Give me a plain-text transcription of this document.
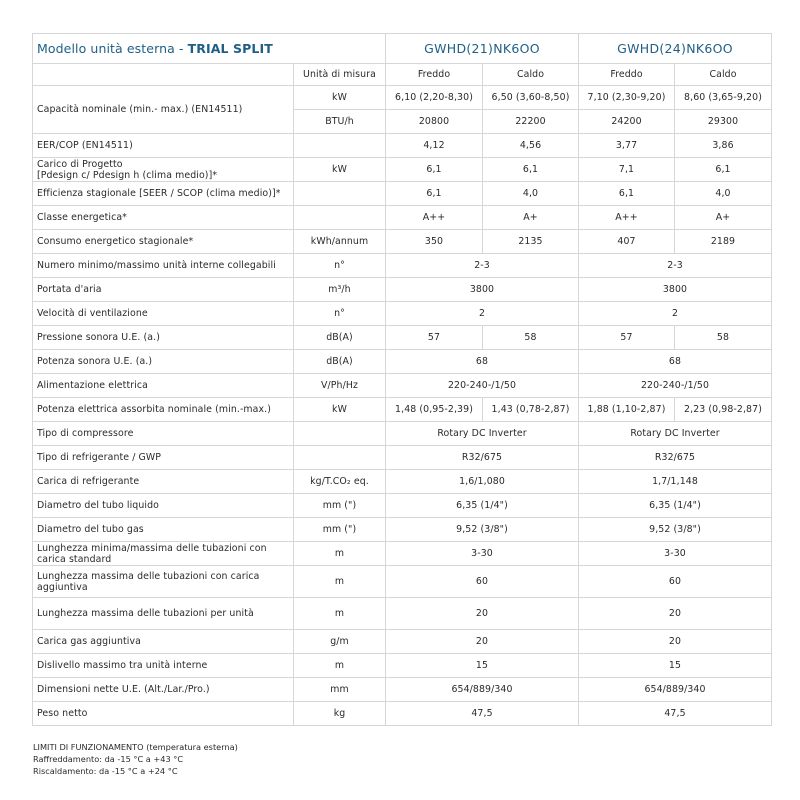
Modello unità esterna - TRIAL SPLIT		GWHD(21)NK6OO		GWHD(24)NK6OO	
	Unità di misura	Freddo	Caldo	Freddo	Caldo
Capacità nominale (min.- max.) (EN14511)	kW	6,10 (2,20-8,30)	6,50 (3,60-8,50)	7,10 (2,30-9,20)	8,60 (3,65-9,20)
	BTU/h	20800	22200	24200	29300
EER/COP (EN14511)		4,12	4,56	3,77	3,86
Carico di Progetto
[Pdesign c/ Pdesign h (clima medio)]*	kW	6,1	6,1	7,1	6,1
Efficienza stagionale [SEER / SCOP (clima medio)]*		6,1	4,0	6,1	4,0
Classe energetica*		A++	A+	A++	A+
Consumo energetico stagionale*	kWh/annum	350	2135	407	2189
Numero minimo/massimo unità interne collegabili	n°	2-3		2-3	
Portata d'aria	m³/h	3800		3800	
Velocità di ventilazione	n°	2		2	
Pressione sonora U.E. (a.)	dB(A)	57	58	57	58
Potenza sonora U.E. (a.)	dB(A)	68		68	
Alimentazione elettrica	V/Ph/Hz	220-240-/1/50		220-240-/1/50	
Potenza elettrica assorbita nominale (min.-max.)	kW	1,48 (0,95-2,39)	1,43 (0,78-2,87)	1,88 (1,10-2,87)	2,23 (0,98-2,87)
Tipo di compressore		Rotary DC Inverter		Rotary DC Inverter	
Tipo di refrigerante / GWP		R32/675		R32/675	
Carica di refrigerante	kg/T.CO₂ eq.	1,6/1,080		1,7/1,148	
Diametro del tubo liquido	mm (")	6,35 (1/4")		6,35 (1/4")	
Diametro del tubo gas	mm (")	9,52 (3/8")		9,52 (3/8")	
Lunghezza minima/massima delle tubazioni con
carica standard	m	3-30		3-30	
Lunghezza massima delle tubazioni con carica
aggiuntiva	m	60		60	
Lunghezza massima delle tubazioni per unità	m	20		20	
Carica gas aggiuntiva	g/m	20		20	
Dislivello massimo tra unità interne	m	15		15	
Dimensioni nette U.E. (Alt./Lar./Pro.)	mm	654/889/340		654/889/340	
Peso netto	kg	47,5		47,5	
LIMITI DI FUNZIONAMENTO (temperatura esterna)
Raffreddamento: da -15 °C a +43 °C
Riscaldamento: da -15 °C a +24 °C
